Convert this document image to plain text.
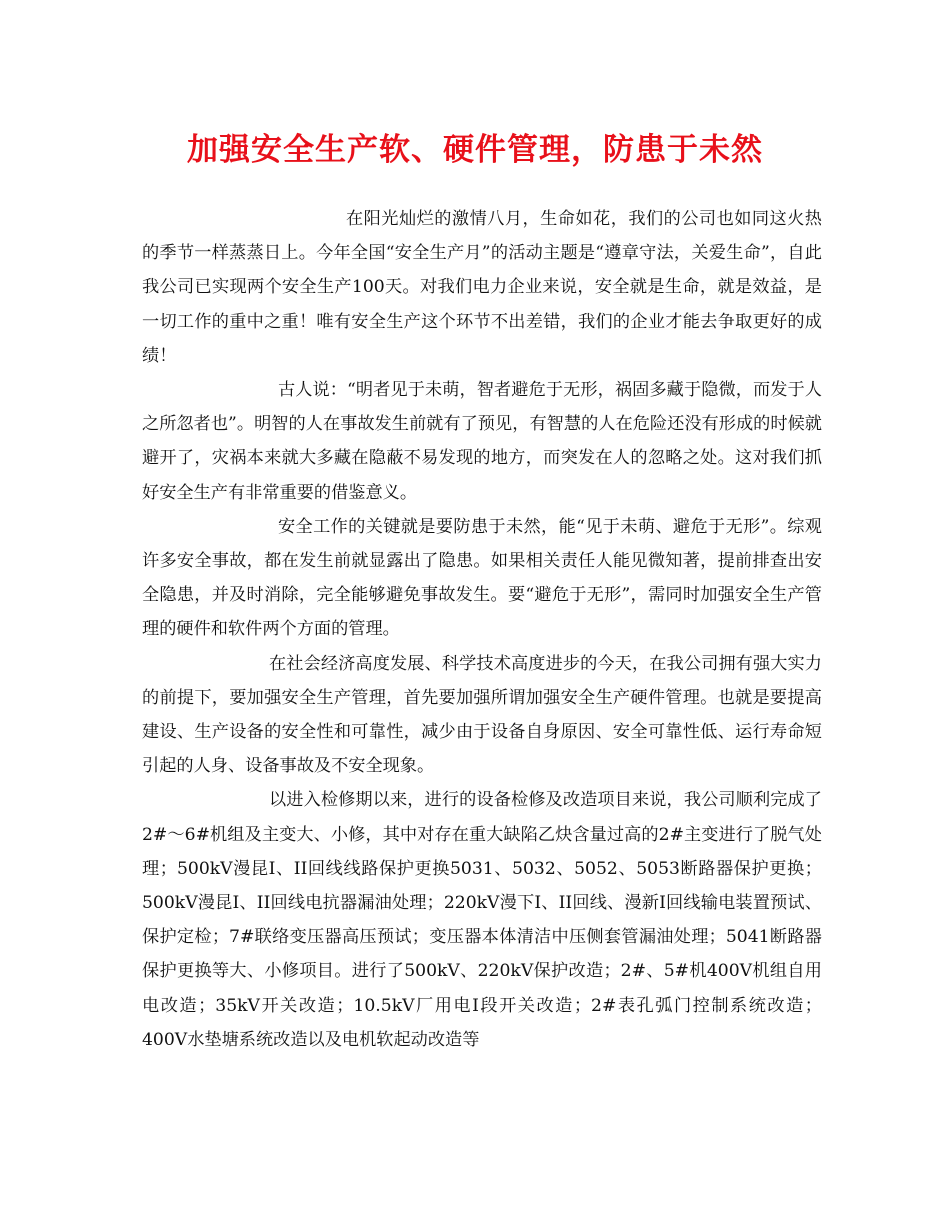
加强安全生产软、硬件管理，防患于未然

在阳光灿烂的激情八月，生命如花，我们的公司也如同这火热的季节一样蒸蒸日上。今年全国“安全生产月”的活动主题是“遵章守法，关爱生命”，自此我公司已实现两个安全生产100天。对我们电力企业来说，安全就是生命，就是效益，是一切工作的重中之重！唯有安全生产这个环节不出差错，我们的企业才能去争取更好的成绩！

古人说：“明者见于未萌，智者避危于无形，祸固多藏于隐微，而发于人之所忽者也”。明智的人在事故发生前就有了预见，有智慧的人在危险还没有形成的时候就避开了，灾祸本来就大多藏在隐蔽不易发现的地方，而突发在人的忽略之处。这对我们抓好安全生产有非常重要的借鉴意义。

安全工作的关键就是要防患于未然，能“见于未萌、避危于无形”。综观许多安全事故，都在发生前就显露出了隐患。如果相关责任人能见微知著，提前排查出安全隐患，并及时消除，完全能够避免事故发生。要“避危于无形”，需同时加强安全生产管理的硬件和软件两个方面的管理。

在社会经济高度发展、科学技术高度进步的今天，在我公司拥有强大实力的前提下，要加强安全生产管理，首先要加强所谓加强安全生产硬件管理。也就是要提高建设、生产设备的安全性和可靠性，减少由于设备自身原因、安全可靠性低、运行寿命短引起的人身、设备事故及不安全现象。

以进入检修期以来，进行的设备检修及改造项目来说，我公司顺利完成了2#～6#机组及主变大、小修，其中对存在重大缺陷乙炔含量过高的2#主变进行了脱气处理；500kV漫昆Ⅰ、II回线线路保护更换5031、5032、5052、5053断路器保护更换；500kV漫昆Ⅰ、II回线电抗器漏油处理；220kV漫下Ⅰ、II回线、漫新Ⅰ回线输电装置预试、保护定检；7#联络变压器高压预试；变压器本体清洁中压侧套管漏油处理；5041断路器保护更换等大、小修项目。进行了500kV、220kV保护改造；2#、5#机400V机组自用电改造；35kV开关改造；10.5kV厂用电Ⅰ段开关改造；2#表孔弧门控制系统改造；400V水垫塘系统改造以及电机软起动改造等
